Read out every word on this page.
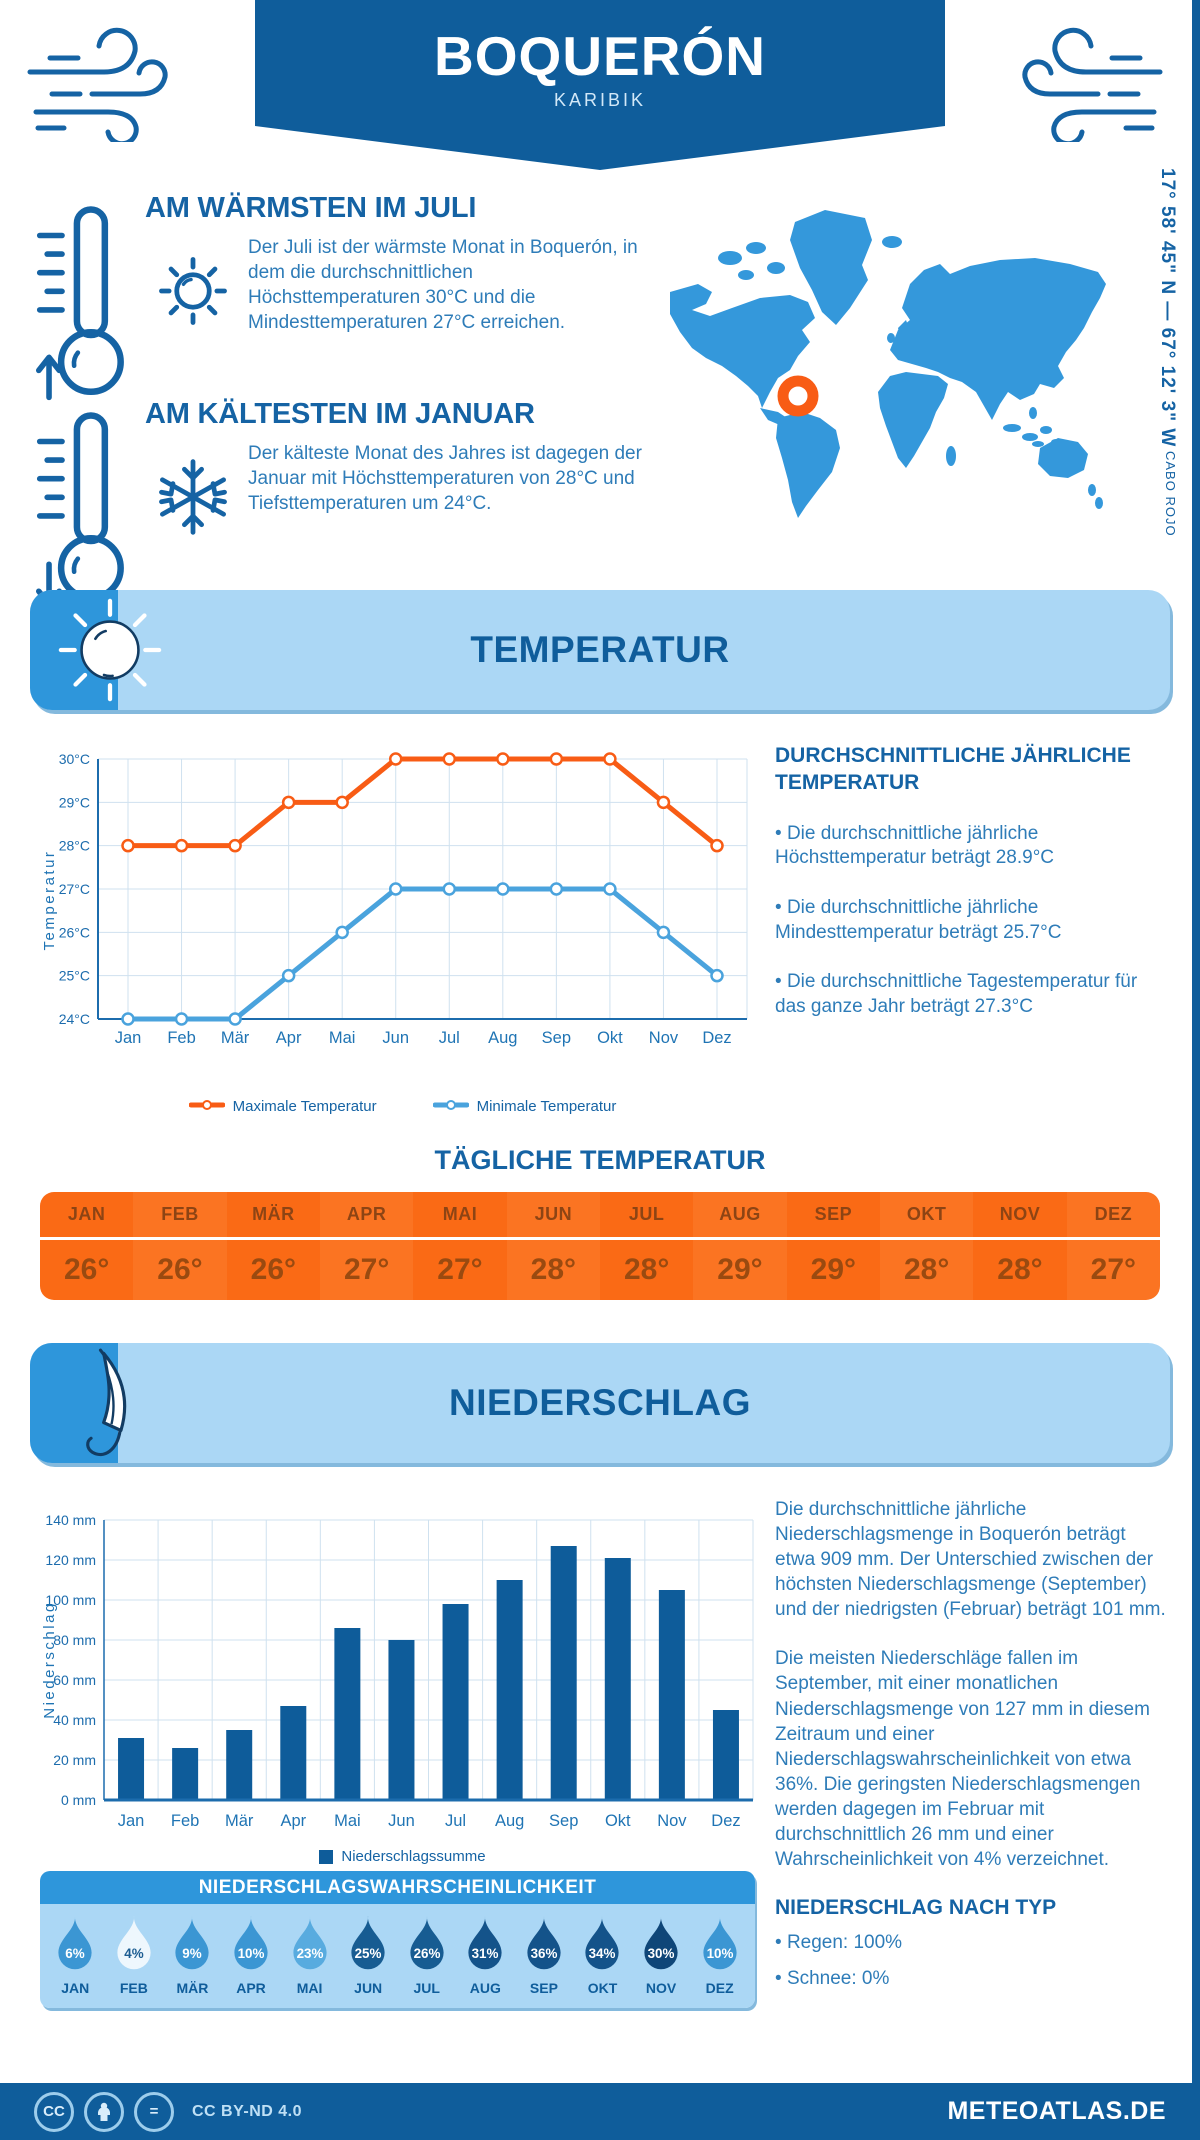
BOQUERÓN
KARIBIK
AM WÄRMSTEN IM JULI

Der Juli ist der wärmste Monat in Boquerón, in dem die durchschnittlichen Höchsttemperaturen 30°C und die Mindesttemperaturen 27°C erreichen.

AM KÄLTESTEN IM JANUAR

Der kälteste Monat des Jahres ist dagegen der Januar mit Höchsttemperaturen von 28°C und Tiefsttemperaturen um 24°C.

17° 58' 45" N — 67° 12' 3" W
CABO ROJO
TEMPERATUR
24°C
25°C
26°C
27°C
28°C
29°C
30°C
Jan Feb Mär Apr Mai Jun Jul Aug Sep Okt Nov Dez
Temperatur
Maximale Temperatur	Minimale Temperatur
DURCHSCHNITTLICHE JÄHRLICHE TEMPERATUR
• Die durchschnittliche jährliche Höchsttemperatur beträgt 28.9°C
• Die durchschnittliche jährliche Mindesttemperatur beträgt 25.7°C
• Die durchschnittliche Tagestemperatur für das ganze Jahr beträgt 27.3°C
TÄGLICHE TEMPERATUR
JAN	FEB	MÄR	APR	MAI	JUN	JUL	AUG	SEP	OKT	NOV	DEZ
26°	26°	26°	27°	27°	28°	28°	29°	29°	28°	28°	27°
NIEDERSCHLAG
0 mm
20 mm
40 mm
60 mm
80 mm
100 mm
120 mm
140 mm
Jan Feb Mär Apr Mai Jun Jul Aug Sep Okt Nov Dez
Niederschlag
Niederschlagssumme

Die durchschnittliche jährliche Niederschlagsmenge in Boquerón beträgt etwa 909 mm. Der Unterschied zwischen der höchsten Niederschlagsmenge (September) und der niedrigsten (Februar) beträgt 101 mm.

Die meisten Niederschläge fallen im September, mit einer monatlichen Niederschlagsmenge von 127 mm in diesem Zeitraum und einer Niederschlagswahrscheinlichkeit von etwa 36%. Die geringsten Niederschlagsmengen werden dagegen im Februar mit durchschnittlich 26 mm und einer Wahrscheinlichkeit von 4% verzeichnet.

NIEDERSCHLAG NACH TYP
• Regen: 100%
• Schnee: 0%
NIEDERSCHLAGSWAHRSCHEINLICHKEIT
6%
JAN
4%
FEB
9%
MÄR
10%
APR
23%
MAI
25%
JUN
26%
JUL
31%
AUG
36%
SEP
34%
OKT
30%
NOV
10%
DEZ
CC	=	CC BY-ND 4.0	METEOATLAS.DE
